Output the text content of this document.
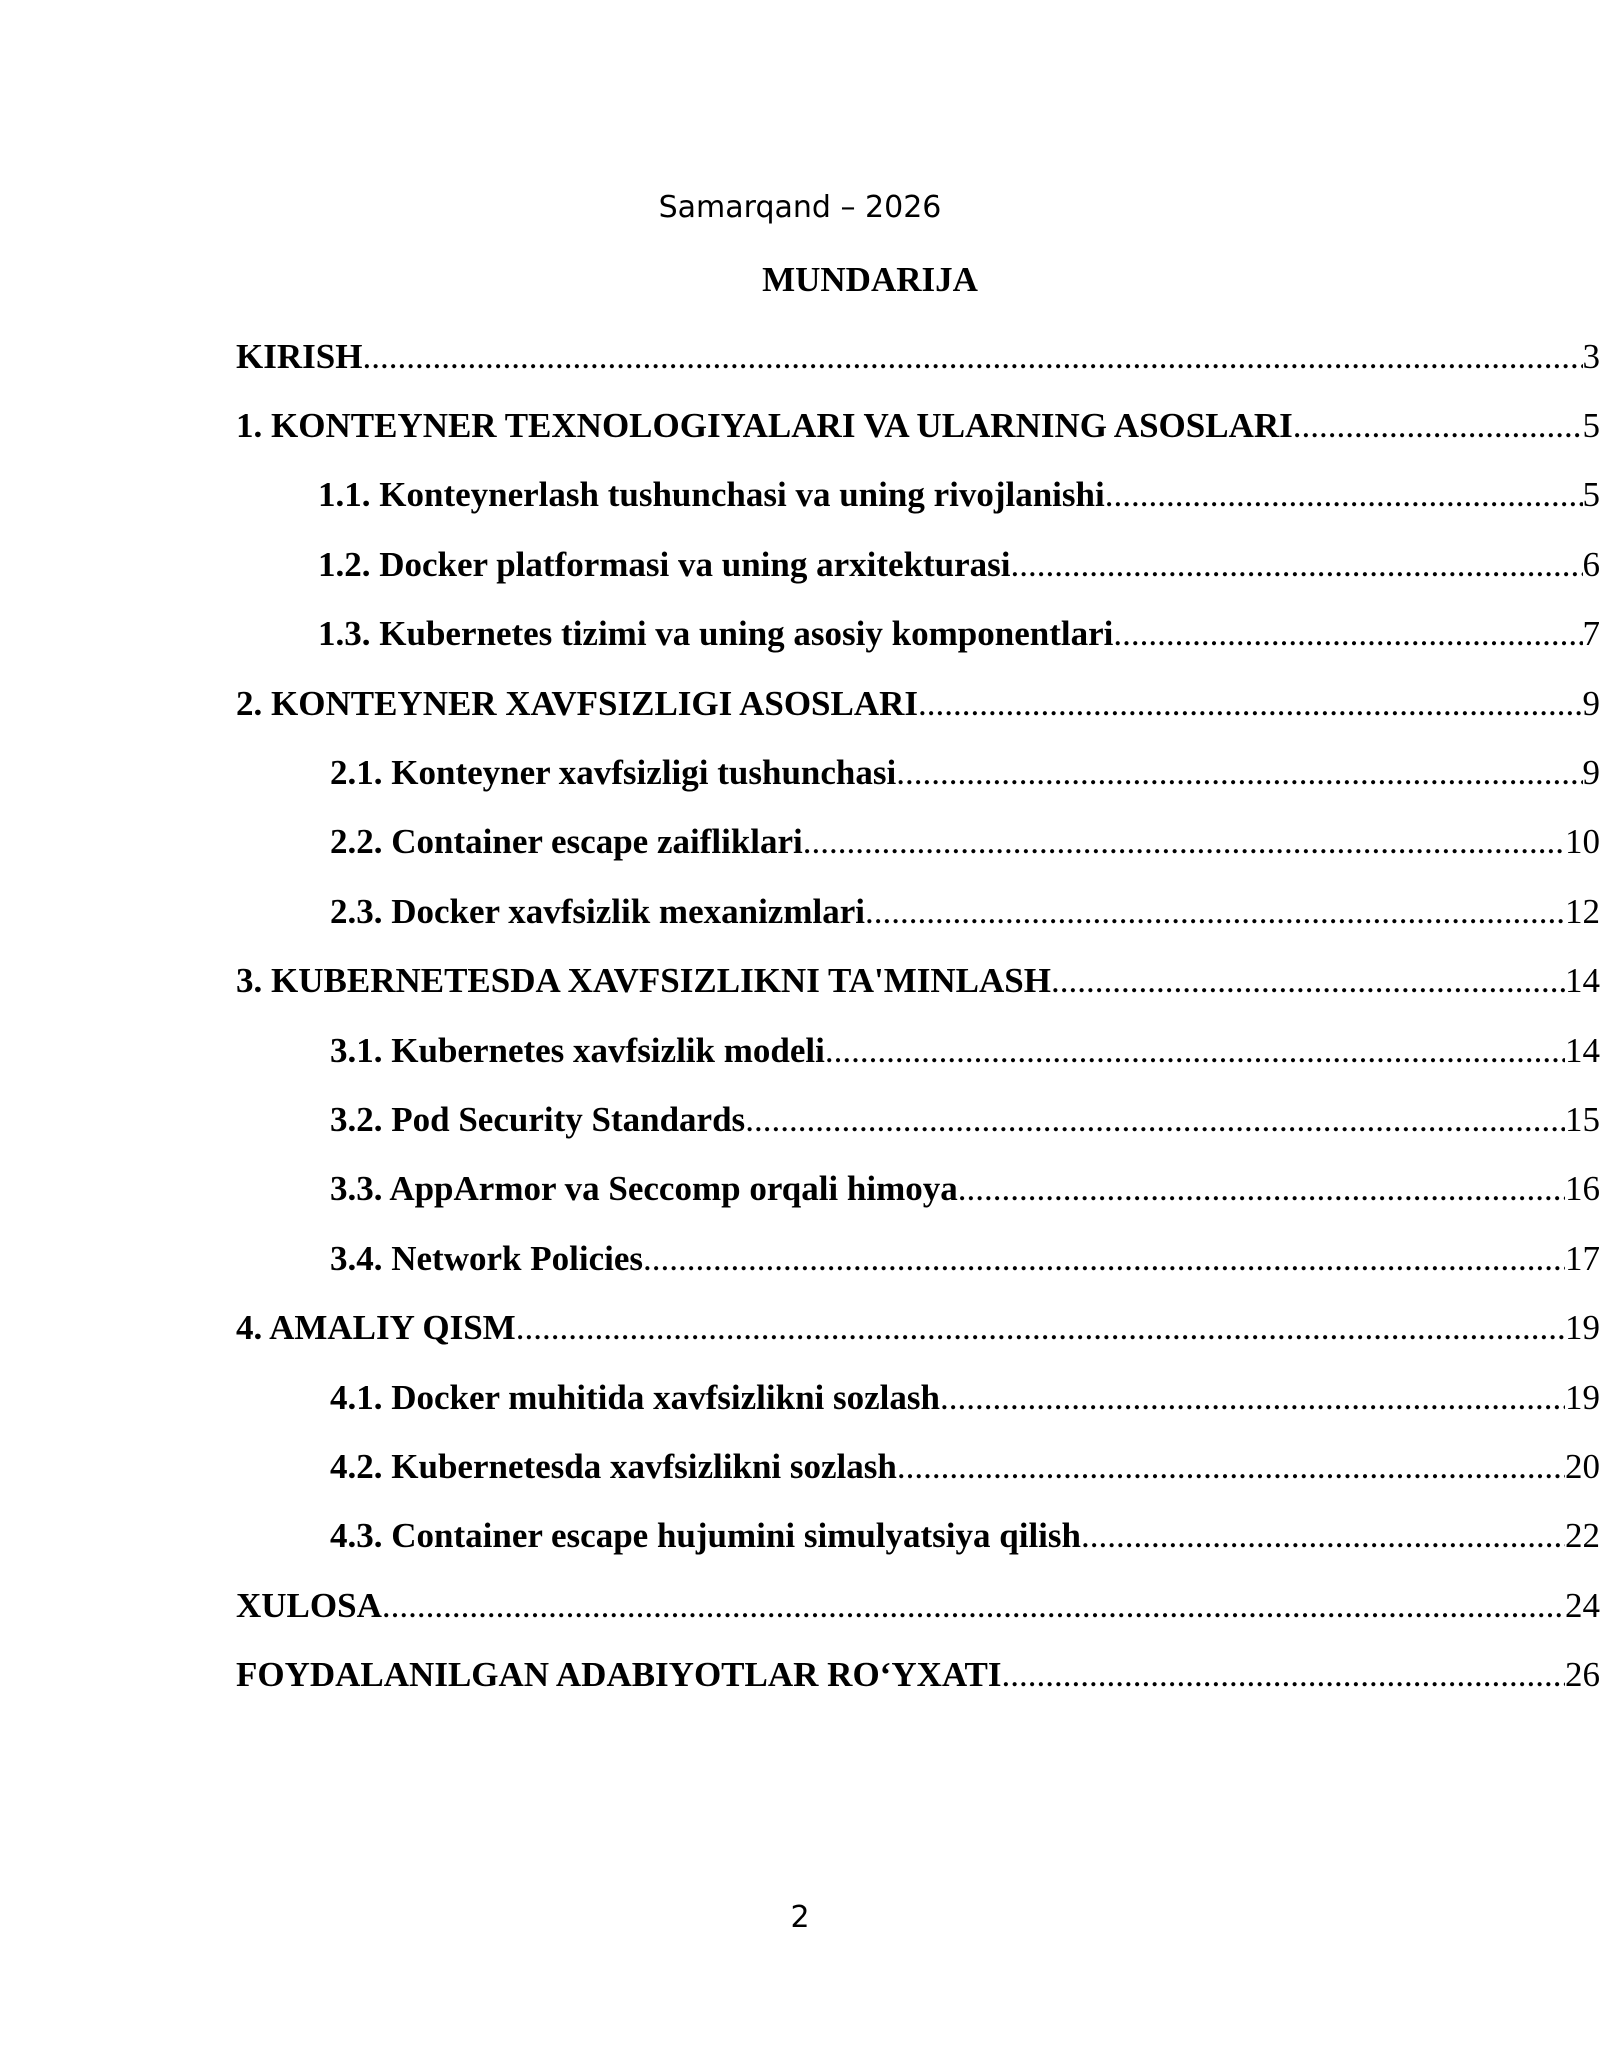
Samarqand – 2026
MUNDARIJA
KIRISH .....	3
1. KONTEYNER TEXNOLOGIYALARI VA ULARNING ASOSLARI .....	5
1.1. Konteynerlash tushunchasi va uning rivojlanishi .....	5
1.2. Docker platformasi va uning arxitekturasi .....	6
1.3. Kubernetes tizimi va uning asosiy komponentlari .....	7
2. KONTEYNER XAVFSIZLIGI ASOSLARI .....	9
2.1. Konteyner xavfsizligi tushunchasi .....	9
2.2. Container escape zaifliklari .....	10
2.3. Docker xavfsizlik mexanizmlari .....	12
3. KUBERNETESDA XAVFSIZLIKNI TA'MINLASH .....	14
3.1. Kubernetes xavfsizlik modeli .....	14
3.2. Pod Security Standards .....	15
3.3. AppArmor va Seccomp orqali himoya .....	16
3.4. Network Policies .....	17
4. AMALIY QISM .....	19
4.1. Docker muhitida xavfsizlikni sozlash .....	19
4.2. Kubernetesda xavfsizlikni sozlash .....	20
4.3. Container escape hujumini simulyatsiya qilish .....	22
XULOSA .....	24
FOYDALANILGAN ADABIYOTLAR RO‘YXATI .....	26
2
